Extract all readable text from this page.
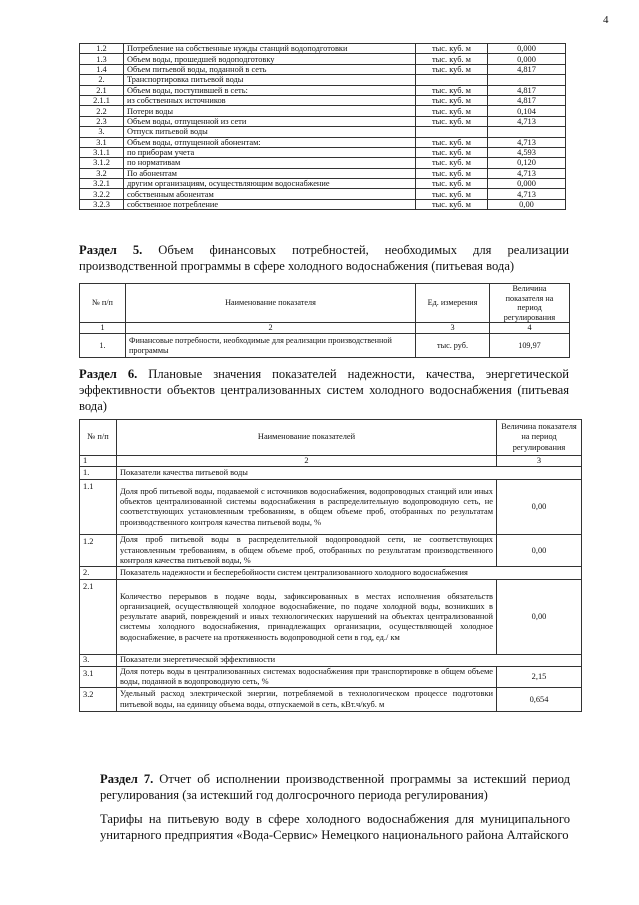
4
1.2	Потребление на собственные нужды станций водоподготовки	тыс. куб. м	0,000
1.3	Объем воды, прошедшей водоподготовку	тыс. куб. м	0,000
1.4	Объем питьевой воды, поданной в сеть	тыс. куб. м	4,817
2.	Транспортировка питьевой воды		
2.1	Объем воды, поступившей в сеть:	тыс. куб. м	4,817
2.1.1	из собственных источников	тыс. куб. м	4,817
2.2	Потери воды	тыс. куб. м	0,104
2.3	Объем воды, отпущенной из сети	тыс. куб. м	4,713
3.	Отпуск питьевой воды		
3.1	Объем воды, отпущенной абонентам:	тыс. куб. м	4,713
3.1.1	по приборам учета	тыс. куб. м	4,593
3.1.2	по нормативам	тыс. куб. м	0,120
3.2	По абонентам	тыс. куб. м	4,713
3.2.1	другим организациям, осуществляющим водоснабжение	тыс. куб. м	0,000
3.2.2	собственным абонентам	тыс. куб. м	4,713
3.2.3	собственное потребление	тыс. куб. м	0,00
Раздел 5. Объем финансовых потребностей, необходимых для реализации производственной программы в сфере холодного водоснабжения (питьевая вода)
№ п/п	Наименование показателя	Ед. измерения	Величина показателя на период регулирования
1	2	3	4
1.	Финансовые потребности, необходимые для реализации производственной программы	тыс. руб.	109,97
Раздел 6. Плановые значения показателей надежности, качества, энергетической эффективности объектов централизованных систем холодного водоснабжения (питьевая вода)
№ п/п	Наименование показателей	Величина показателя на период регулирования
1	2	3
1.	Показатели качества питьевой воды	
1.1	Доля проб питьевой воды, подаваемой с источников водоснабжения, водопроводных станций или иных объектов централизованной системы водоснабжения в распределительную водопроводную сеть, не соответствующих установленным требованиям, в общем объеме проб, отобранных по результатам производственного контроля качества питьевой воды, %	0,00
1.2	Доля проб питьевой воды в распределительной водопроводной сети, не соответствующих установленным требованиям, в общем объеме проб, отобранных по результатам производственного контроля качества питьевой воды, %	0,00
2.	Показатель надежности и бесперебойности систем централизованного холодного водоснабжения	
2.1	Количество перерывов в подаче воды, зафиксированных в местах исполнения обязательств организацией, осуществляющей холодное водоснабжение, по подаче холодной воды, возникших в результате аварий, повреждений и иных технологических нарушений на объектах централизованной системы холодного водоснабжения, принадлежащих организации, осуществляющей холодное водоснабжение, в расчете на протяженность водопроводной сети в год, ед./ км	0,00
3.	Показатели энергетической эффективности	
3.1	Доля потерь воды в централизованных системах водоснабжения при транспортировке в общем объеме воды, поданной в водопроводную сеть, %	2,15
3.2	Удельный расход электрической энергии, потребляемой в технологическом процессе подготовки питьевой воды, на единицу объема воды, отпускаемой в сеть, кВт.ч/куб. м	0,654
Раздел 7. Отчет об исполнении производственной программы за истекший период регулирования (за истекший год долгосрочного периода регулирования)
Тарифы на питьевую воду в сфере холодного водоснабжения для муниципального унитарного предприятия «Вода-Сервис» Немецкого национального района Алтайского
